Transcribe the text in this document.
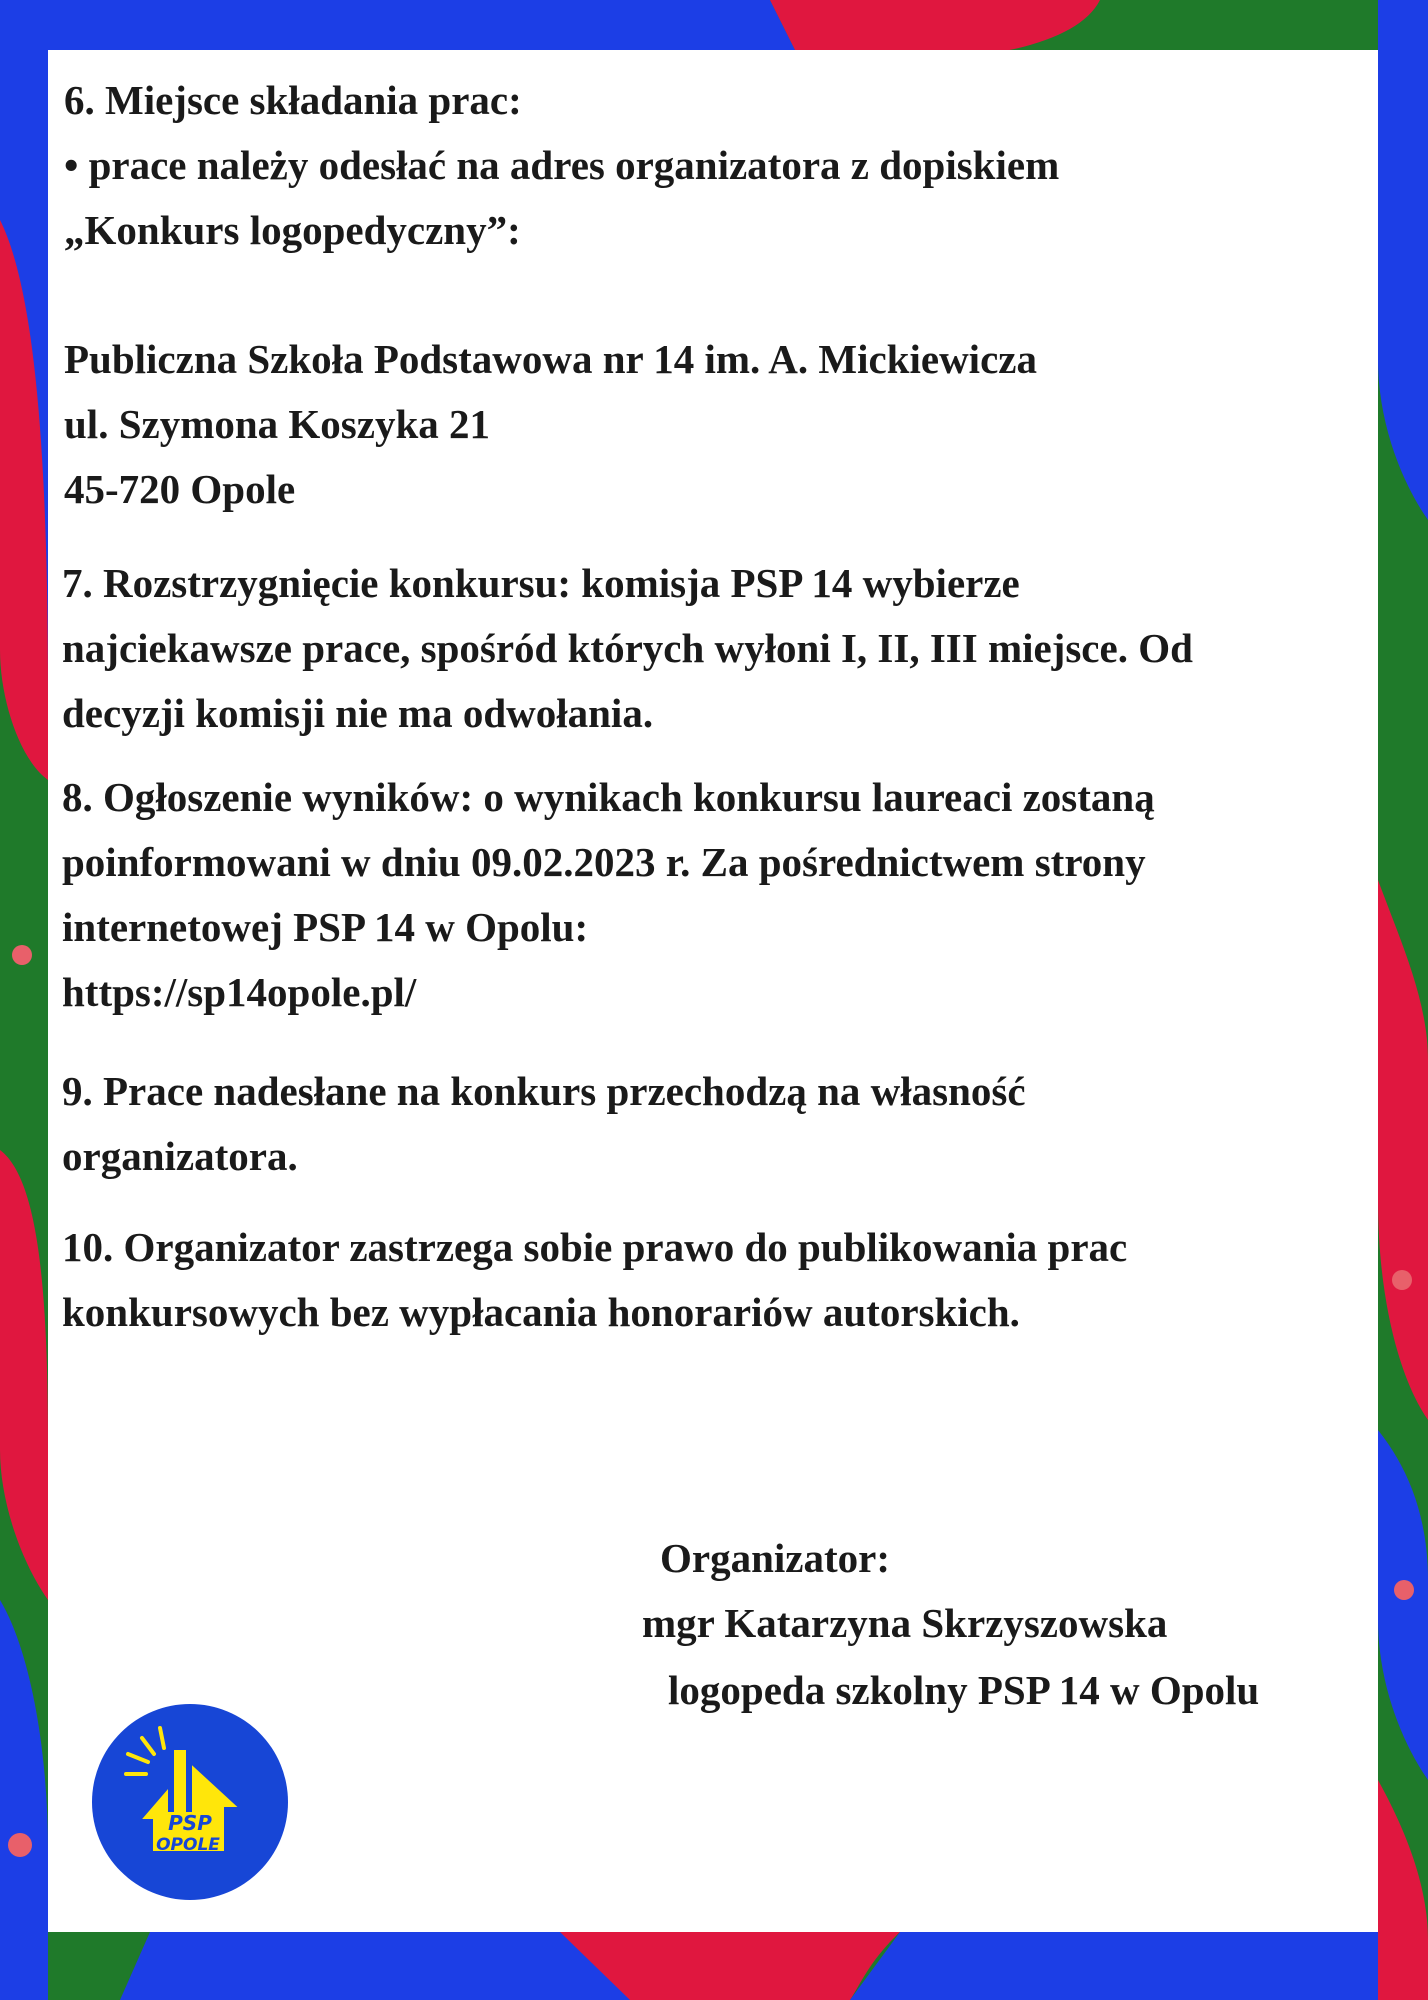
6. Miejsce składania prac:
• prace należy odesłać na adres organizatora z dopiskiem
„Konkurs logopedyczny”:
Publiczna Szkoła Podstawowa nr 14 im. A. Mickiewicza
ul. Szymona Koszyka 21
45-720 Opole
7. Rozstrzygnięcie konkursu: komisja PSP 14 wybierze
najciekawsze prace, spośród których wyłoni I, II, III miejsce. Od
decyzji komisji nie ma odwołania.
8. Ogłoszenie wyników: o wynikach konkursu laureaci zostaną
poinformowani w dniu 09.02.2023 r. Za pośrednictwem strony
internetowej PSP 14 w Opolu:
https://sp14opole.pl/
9. Prace nadesłane na konkurs przechodzą na własność
organizatora.
10. Organizator zastrzega sobie prawo do publikowania prac
konkursowych bez wypłacania honorariów autorskich.
Organizator:
mgr Katarzyna Skrzyszowska
logopeda szkolny PSP 14 w Opolu
PSP
OPOLE
